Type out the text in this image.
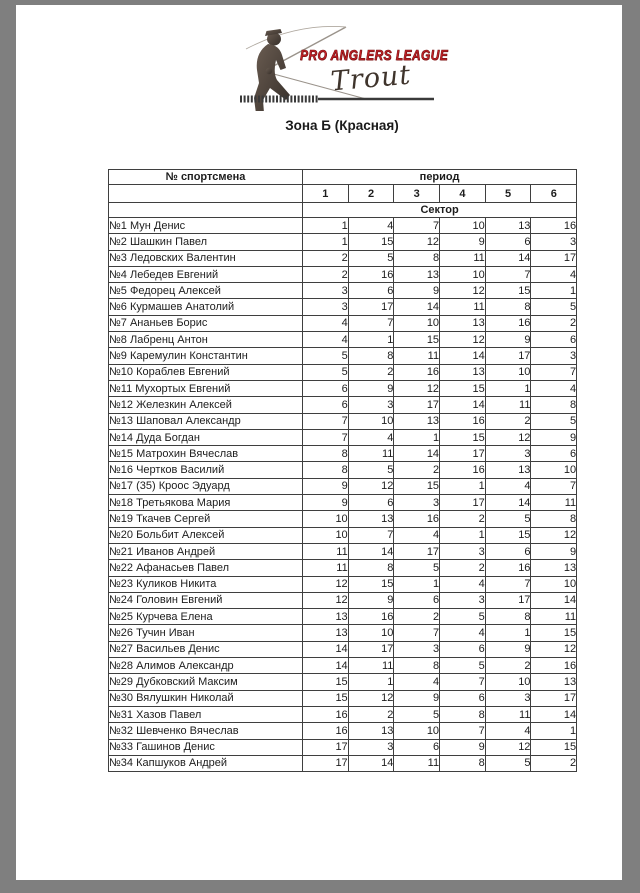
PRO ANGLERS LEAGUE
Trout
Зона Б (Красная)
№ спортсмена	период					
	1	2	3	4	5	6
	Сектор					
№1 Мун Денис	1	4	7	10	13	16
№2 Шашкин Павел	1	15	12	9	6	3
№3 Ледовских Валентин	2	5	8	11	14	17
№4 Лебедев Евгений	2	16	13	10	7	4
№5 Федорец Алексей	3	6	9	12	15	1
№6 Курмашев Анатолий	3	17	14	11	8	5
№7 Ананьев Борис	4	7	10	13	16	2
№8 Лабренц Антон	4	1	15	12	9	6
№9 Каремулин Константин	5	8	11	14	17	3
№10 Кораблев Евгений	5	2	16	13	10	7
№11 Мухортых Евгений	6	9	12	15	1	4
№12 Железкин Алексей	6	3	17	14	11	8
№13 Шаповал Александр	7	10	13	16	2	5
№14 Дуда Богдан	7	4	1	15	12	9
№15 Матрохин Вячеслав	8	11	14	17	3	6
№16 Чертков Василий	8	5	2	16	13	10
№17 (35) Кроос Эдуард	9	12	15	1	4	7
№18 Третьякова Мария	9	6	3	17	14	11
№19 Ткачев Сергей	10	13	16	2	5	8
№20 Больбит Алексей	10	7	4	1	15	12
№21 Иванов Андрей	11	14	17	3	6	9
№22 Афанасьев Павел	11	8	5	2	16	13
№23 Куликов Никита	12	15	1	4	7	10
№24 Головин Евгений	12	9	6	3	17	14
№25 Курчева Елена	13	16	2	5	8	11
№26 Тучин Иван	13	10	7	4	1	15
№27 Васильев Денис	14	17	3	6	9	12
№28 Алимов Александр	14	11	8	5	2	16
№29 Дубковский Максим	15	1	4	7	10	13
№30 Вялушкин Николай	15	12	9	6	3	17
№31 Хазов Павел	16	2	5	8	11	14
№32 Шевченко Вячеслав	16	13	10	7	4	1
№33 Гашинов Денис	17	3	6	9	12	15
№34 Капшуков Андрей	17	14	11	8	5	2
